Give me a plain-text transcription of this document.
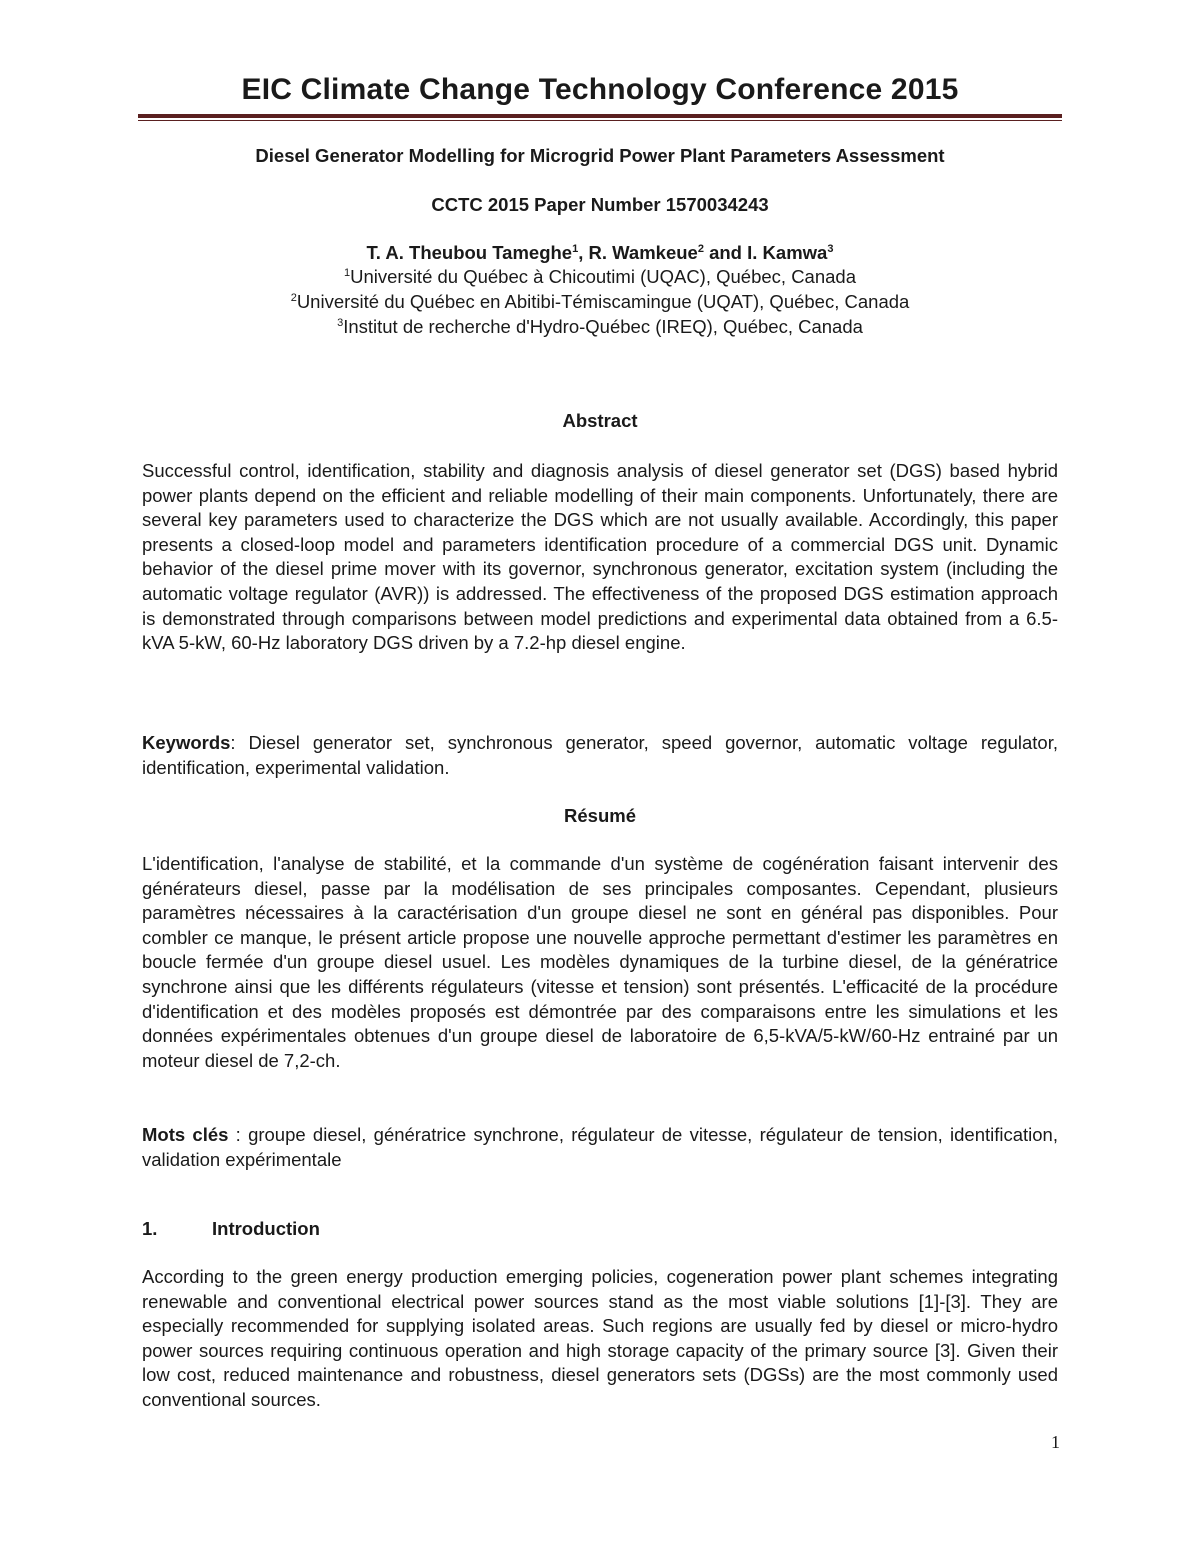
EIC Climate Change Technology Conference 2015
Diesel Generator Modelling for Microgrid Power Plant Parameters Assessment
CCTC 2015 Paper Number 1570034243
T. A. Theubou Tameghe$^1$, R. Wamkeue$^2$ and I. Kamwa$^3$
$^1$Université du Québec à Chicoutimi (UQAC), Québec, Canada
$^2$Université du Québec en Abitibi-Témiscamingue (UQAT), Québec, Canada
$^3$Institut de recherche d'Hydro-Québec (IREQ), Québec, Canada
Abstract

Successful control, identification, stability and diagnosis analysis of diesel generator set (DGS) based hybrid power plants depend on the efficient and reliable modelling of their main components. Unfortunately, there are several key parameters used to characterize the DGS which are not usually available. Accordingly, this paper presents a closed-loop model and parameters identification procedure of a commercial DGS unit. Dynamic behavior of the diesel prime mover with its governor, synchronous generator, excitation system (including the automatic voltage regulator (AVR)) is addressed. The effectiveness of the proposed DGS estimation approach is demonstrated through comparisons between model predictions and experimental data obtained from a 6.5-kVA 5-kW, 60-Hz laboratory DGS driven by a 7.2-hp diesel engine.

Keywords: Diesel generator set, synchronous generator, speed governor, automatic voltage regulator, identification, experimental validation.

Résumé

L'identification, l'analyse de stabilité, et la commande d'un système de cogénération faisant intervenir des générateurs diesel, passe par la modélisation de ses principales composantes. Cependant, plusieurs paramètres nécessaires à la caractérisation d'un groupe diesel ne sont en général pas disponibles. Pour combler ce manque, le présent article propose une nouvelle approche permettant d'estimer les paramètres en boucle fermée d'un groupe diesel usuel. Les modèles dynamiques de la turbine diesel, de la génératrice synchrone ainsi que les différents régulateurs (vitesse et tension) sont présentés. L'efficacité de la procédure d'identification et des modèles proposés est démontrée par des comparaisons entre les simulations et les données expérimentales obtenues d'un groupe diesel de laboratoire de 6,5-kVA/5-kW/60-Hz entrainé par un moteur diesel de 7,2-ch.

Mots clés : groupe diesel, génératrice synchrone, régulateur de vitesse, régulateur de tension, identification, validation expérimentale

1.	Introduction

According to the green energy production emerging policies, cogeneration power plant schemes integrating renewable and conventional electrical power sources stand as the most viable solutions [1]-[3]. They are especially recommended for supplying isolated areas. Such regions are usually fed by diesel or micro-hydro power sources requiring continuous operation and high storage capacity of the primary source [3]. Given their low cost, reduced maintenance and robustness, diesel generators sets (DGSs) are the most commonly used conventional sources.

1
